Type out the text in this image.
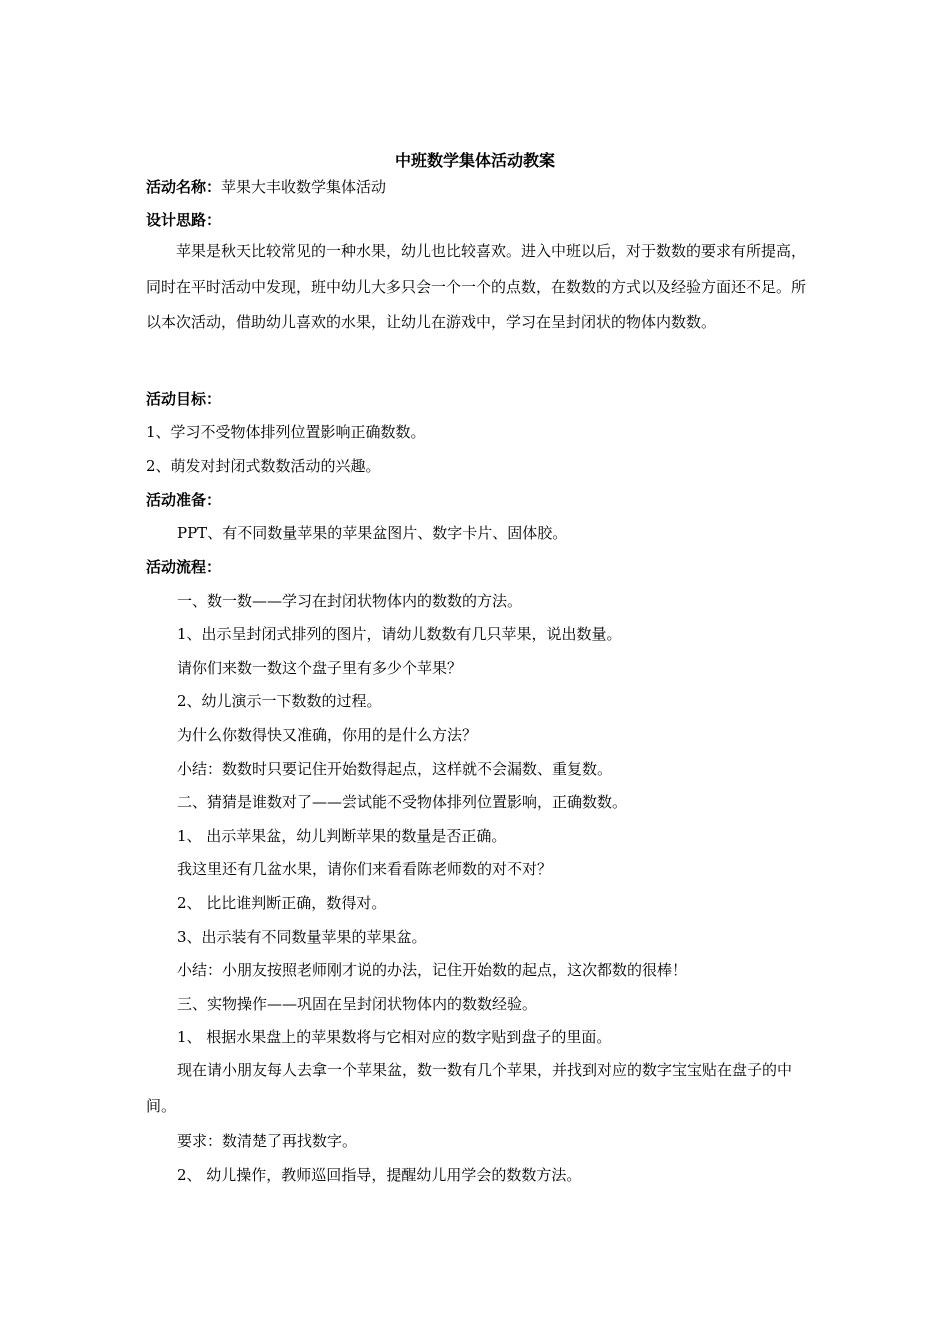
中班数学集体活动教案
活动名称：苹果大丰收数学集体活动
设计思路：
苹果是秋天比较常见的一种水果，幼儿也比较喜欢。进入中班以后，对于数数的要求有所提高，同时在平时活动中发现，班中幼儿大多只会一个一个的点数，在数数的方式以及经验方面还不足。所以本次活动，借助幼儿喜欢的水果，让幼儿在游戏中，学习在呈封闭状的物体内数数。
活动目标：
1、学习不受物体排列位置影响正确数数。
2、萌发对封闭式数数活动的兴趣。
活动准备：
PPT、有不同数量苹果的苹果盆图片、数字卡片、固体胶。
活动流程：
一、数一数——学习在封闭状物体内的数数的方法。
1、出示呈封闭式排列的图片，请幼儿数数有几只苹果，说出数量。
请你们来数一数这个盘子里有多少个苹果？
2、幼儿演示一下数数的过程。
为什么你数得快又准确，你用的是什么方法？
小结：数数时只要记住开始数得起点，这样就不会漏数、重复数。
二、猜猜是谁数对了——尝试能不受物体排列位置影响，正确数数。
1、 出示苹果盆，幼儿判断苹果的数量是否正确。
我这里还有几盆水果，请你们来看看陈老师数的对不对？
2、 比比谁判断正确，数得对。
3、出示装有不同数量苹果的苹果盆。
小结：小朋友按照老师刚才说的办法，记住开始数的起点，这次都数的很棒！
三、实物操作——巩固在呈封闭状物体内的数数经验。
1、 根据水果盘上的苹果数将与它相对应的数字贴到盘子的里面。
现在请小朋友每人去拿一个苹果盆，数一数有几个苹果，并找到对应的数字宝宝贴在盘子的中间。
要求：数清楚了再找数字。
2、 幼儿操作，教师巡回指导，提醒幼儿用学会的数数方法。
